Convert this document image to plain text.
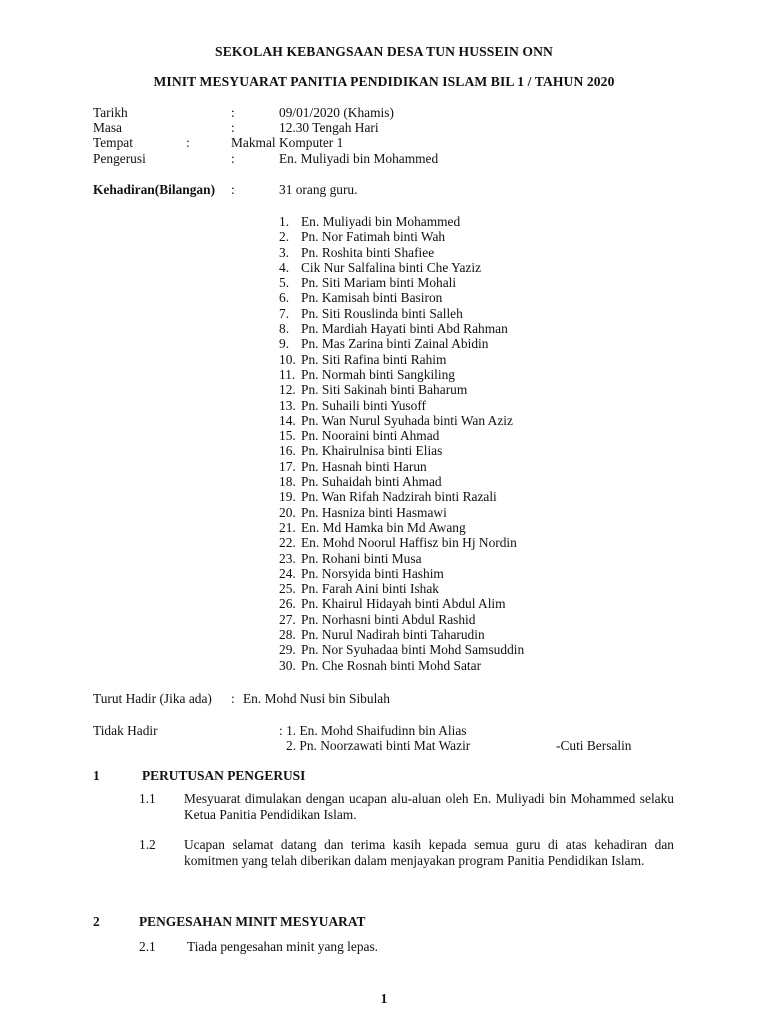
SEKOLAH KEBANGSAAN DESA TUN HUSSEIN ONN
MINIT MESYUARAT PANITIA PENDIDIKAN ISLAM BIL 1 / TAHUN 2020
Tarikh	:	09/01/2020 (Khamis)
Masa	:	12.30 Tengah Hari
Tempat	:	Makmal Komputer 1
Pengerusi	:	En. Muliyadi bin Mohammed
Kehadiran(Bilangan) :	31 orang guru.
1. En. Muliyadi bin Mohammed
2. Pn. Nor Fatimah binti Wah
3. Pn. Roshita binti Shafiee
4. Cik Nur Salfalina binti Che Yaziz
5. Pn. Siti Mariam binti Mohali
6. Pn. Kamisah binti Basiron
7. Pn. Siti Rouslinda binti Salleh
8. Pn. Mardiah Hayati binti Abd Rahman
9. Pn. Mas Zarina binti Zainal Abidin
10. Pn. Siti Rafina binti Rahim
11. Pn. Normah binti Sangkiling
12. Pn. Siti Sakinah binti Baharum
13. Pn. Suhaili binti Yusoff
14. Pn. Wan Nurul Syuhada binti Wan Aziz
15. Pn. Nooraini binti Ahmad
16. Pn. Khairulnisa binti Elias
17. Pn. Hasnah binti Harun
18. Pn. Suhaidah binti Ahmad
19. Pn. Wan Rifah Nadzirah binti Razali
20. Pn. Hasniza binti Hasmawi
21. En. Md Hamka bin Md Awang
22. En. Mohd Noorul Haffisz bin Hj Nordin
23. Pn. Rohani binti Musa
24. Pn. Norsyida binti Hashim
25. Pn. Farah Aini binti Ishak
26. Pn. Khairul Hidayah binti Abdul Alim
27. Pn. Norhasni binti Abdul Rashid
28. Pn. Nurul Nadirah binti Taharudin
29. Pn. Nor Syuhadaa binti Mohd Samsuddin
30. Pn. Che Rosnah binti Mohd Satar
Turut Hadir (Jika ada) : En. Mohd Nusi bin Sibulah
Tidak Hadir	: 1. En. Mohd Shaifudinn bin Alias
2. Pn. Noorzawati binti Mat Wazir	-Cuti Bersalin
1	PERUTUSAN PENGERUSI
1.1 Mesyuarat dimulakan dengan ucapan alu-aluan oleh En. Muliyadi bin Mohammed selaku Ketua Panitia Pendidikan Islam.
1.2 Ucapan selamat datang dan terima kasih kepada semua guru di atas kehadiran dan komitmen yang telah diberikan dalam menjayakan program Panitia Pendidikan Islam.
2	PENGESAHAN MINIT MESYUARAT
2.1 Tiada pengesahan minit yang lepas.
1
